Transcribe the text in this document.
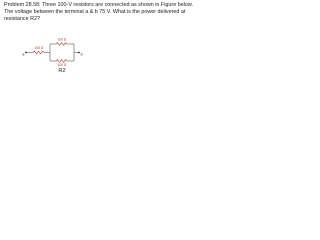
Problem 28.58: Three 100-V resistors are connected as shown in Figure below. The voltage between the terminal a & b 75 V. What is the power delivered at resistance R2?

100 Ω
100 Ω
100 Ω
a	b
R2
